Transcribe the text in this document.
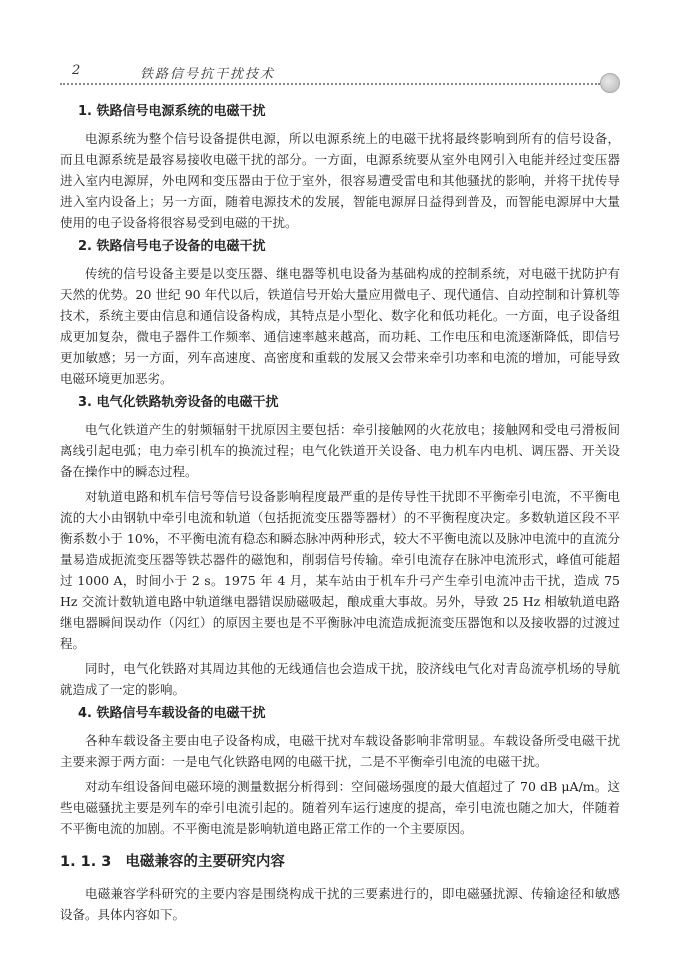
2	铁路信号抗干扰技术
1. 铁路信号电源系统的电磁干扰

电源系统为整个信号设备提供电源，所以电源系统上的电磁干扰将最终影响到所有的信号设备，而且电源系统是最容易接收电磁干扰的部分。一方面，电源系统要从室外电网引入电能并经过变压器进入室内电源屏，外电网和变压器由于位于室外，很容易遭受雷电和其他骚扰的影响，并将干扰传导进入室内设备上；另一方面，随着电源技术的发展，智能电源屏日益得到普及，而智能电源屏中大量使用的电子设备将很容易受到电磁的干扰。

2. 铁路信号电子设备的电磁干扰

传统的信号设备主要是以变压器、继电器等机电设备为基础构成的控制系统，对电磁干扰防护有天然的优势。20 世纪 90 年代以后，铁道信号开始大量应用微电子、现代通信、自动控制和计算机等技术，系统主要由信息和通信设备构成，其特点是小型化、数字化和低功耗化。一方面，电子设备组成更加复杂，微电子器件工作频率、通信速率越来越高，而功耗、工作电压和电流逐渐降低，即信号更加敏感；另一方面，列车高速度、高密度和重载的发展又会带来牵引功率和电流的增加，可能导致电磁环境更加恶劣。

3. 电气化铁路轨旁设备的电磁干扰

电气化铁道产生的射频辐射干扰原因主要包括：牵引接触网的火花放电；接触网和受电弓滑板间离线引起电弧；电力牵引机车的换流过程；电气化铁道开关设备、电力机车内电机、调压器、开关设备在操作中的瞬态过程。

对轨道电路和机车信号等信号设备影响程度最严重的是传导性干扰即不平衡牵引电流，不平衡电流的大小由钢轨中牵引电流和轨道（包括扼流变压器等器材）的不平衡程度决定。多数轨道区段不平衡系数小于 10%，不平衡电流有稳态和瞬态脉冲两种形式，较大不平衡电流以及脉冲电流中的直流分量易造成扼流变压器等铁芯器件的磁饱和，削弱信号传输。牵引电流存在脉冲电流形式，峰值可能超过 1000 A，时间小于 2 s。1975 年 4 月，某车站由于机车升弓产生牵引电流冲击干扰，造成 75 Hz 交流计数轨道电路中轨道继电器错误励磁吸起，酿成重大事故。另外，导致 25 Hz 相敏轨道电路继电器瞬间误动作（闪红）的原因主要也是不平衡脉冲电流造成扼流变压器饱和以及接收器的过渡过程。

同时，电气化铁路对其周边其他的无线通信也会造成干扰，胶济线电气化对青岛流亭机场的导航就造成了一定的影响。

4. 铁路信号车载设备的电磁干扰

各种车载设备主要由电子设备构成，电磁干扰对车载设备影响非常明显。车载设备所受电磁干扰主要来源于两方面：一是电气化铁路电网的电磁干扰，二是不平衡牵引电流的电磁干扰。

对动车组设备间电磁环境的测量数据分析得到：空间磁场强度的最大值超过了 70 dB μA/m。这些电磁骚扰主要是列车的牵引电流引起的。随着列车运行速度的提高，牵引电流也随之加大，伴随着不平衡电流的加剧。不平衡电流是影响轨道电路正常工作的一个主要原因。

1. 1. 3 电磁兼容的主要研究内容

电磁兼容学科研究的主要内容是围绕构成干扰的三要素进行的，即电磁骚扰源、传输途径和敏感设备。具体内容如下。
